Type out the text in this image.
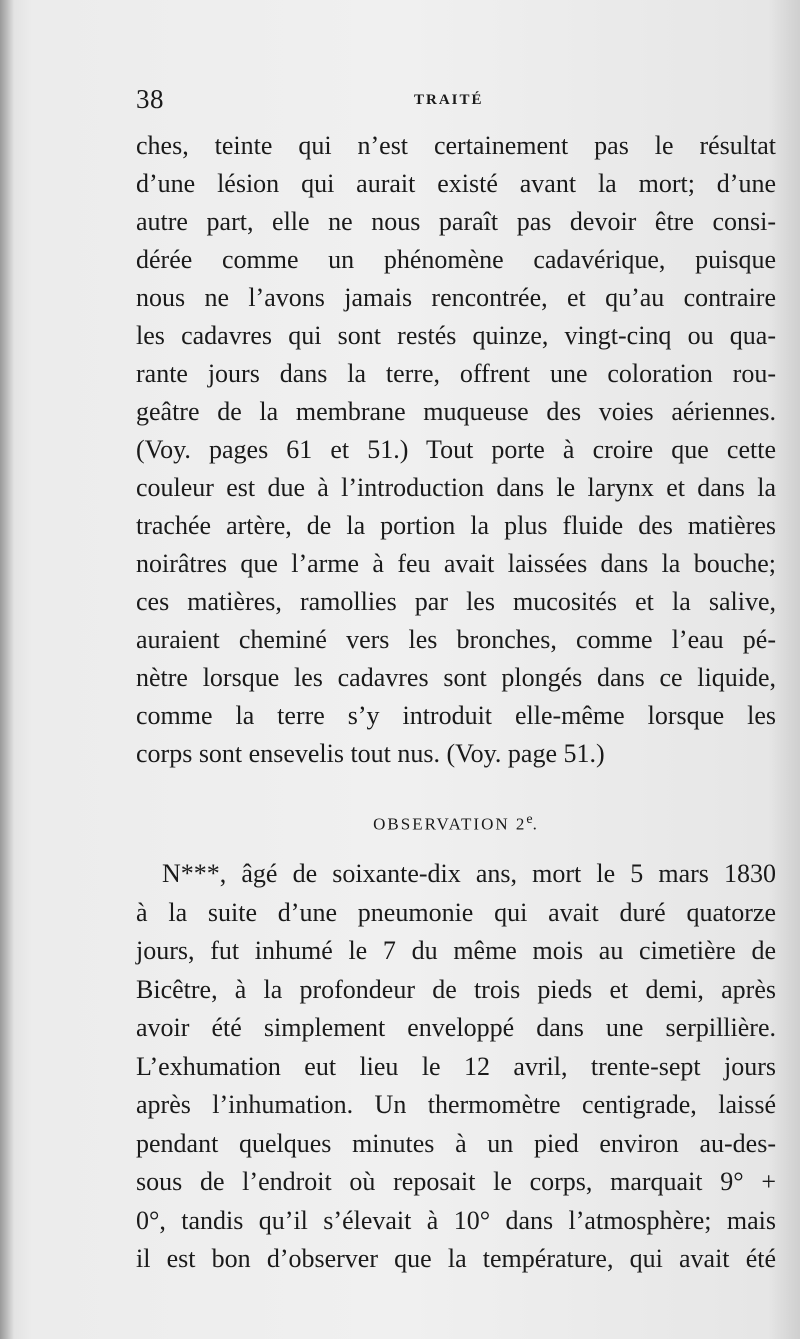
38	TRAITÉ
ches, teinte qui n’est certainement pas le résultat
d’une lésion qui aurait existé avant la mort; d’une
autre part, elle ne nous paraît pas devoir être consi-
dérée comme un phénomène cadavérique, puisque
nous ne l’avons jamais rencontrée, et qu’au contraire
les cadavres qui sont restés quinze, vingt-cinq ou qua-
rante jours dans la terre, offrent une coloration rou-
geâtre de la membrane muqueuse des voies aériennes.
(Voy. pages 61 et 51.) Tout porte à croire que cette
couleur est due à l’introduction dans le larynx et dans la
trachée artère, de la portion la plus fluide des matières
noirâtres que l’arme à feu avait laissées dans la bouche;
ces matières, ramollies par les mucosités et la salive,
auraient cheminé vers les bronches, comme l’eau pé-
nètre lorsque les cadavres sont plongés dans ce liquide,
comme la terre s’y introduit elle-même lorsque les
corps sont ensevelis tout nus. (Voy. page 51.)
OBSERVATION 2e.
N***, âgé de soixante-dix ans, mort le 5 mars 1830
à la suite d’une pneumonie qui avait duré quatorze
jours, fut inhumé le 7 du même mois au cimetière de
Bicêtre, à la profondeur de trois pieds et demi, après
avoir été simplement enveloppé dans une serpillière.
L’exhumation eut lieu le 12 avril, trente-sept jours
après l’inhumation. Un thermomètre centigrade, laissé
pendant quelques minutes à un pied environ au-des-
sous de l’endroit où reposait le corps, marquait 9° +
0°, tandis qu’il s’élevait à 10° dans l’atmosphère; mais
il est bon d’observer que la température, qui avait été
